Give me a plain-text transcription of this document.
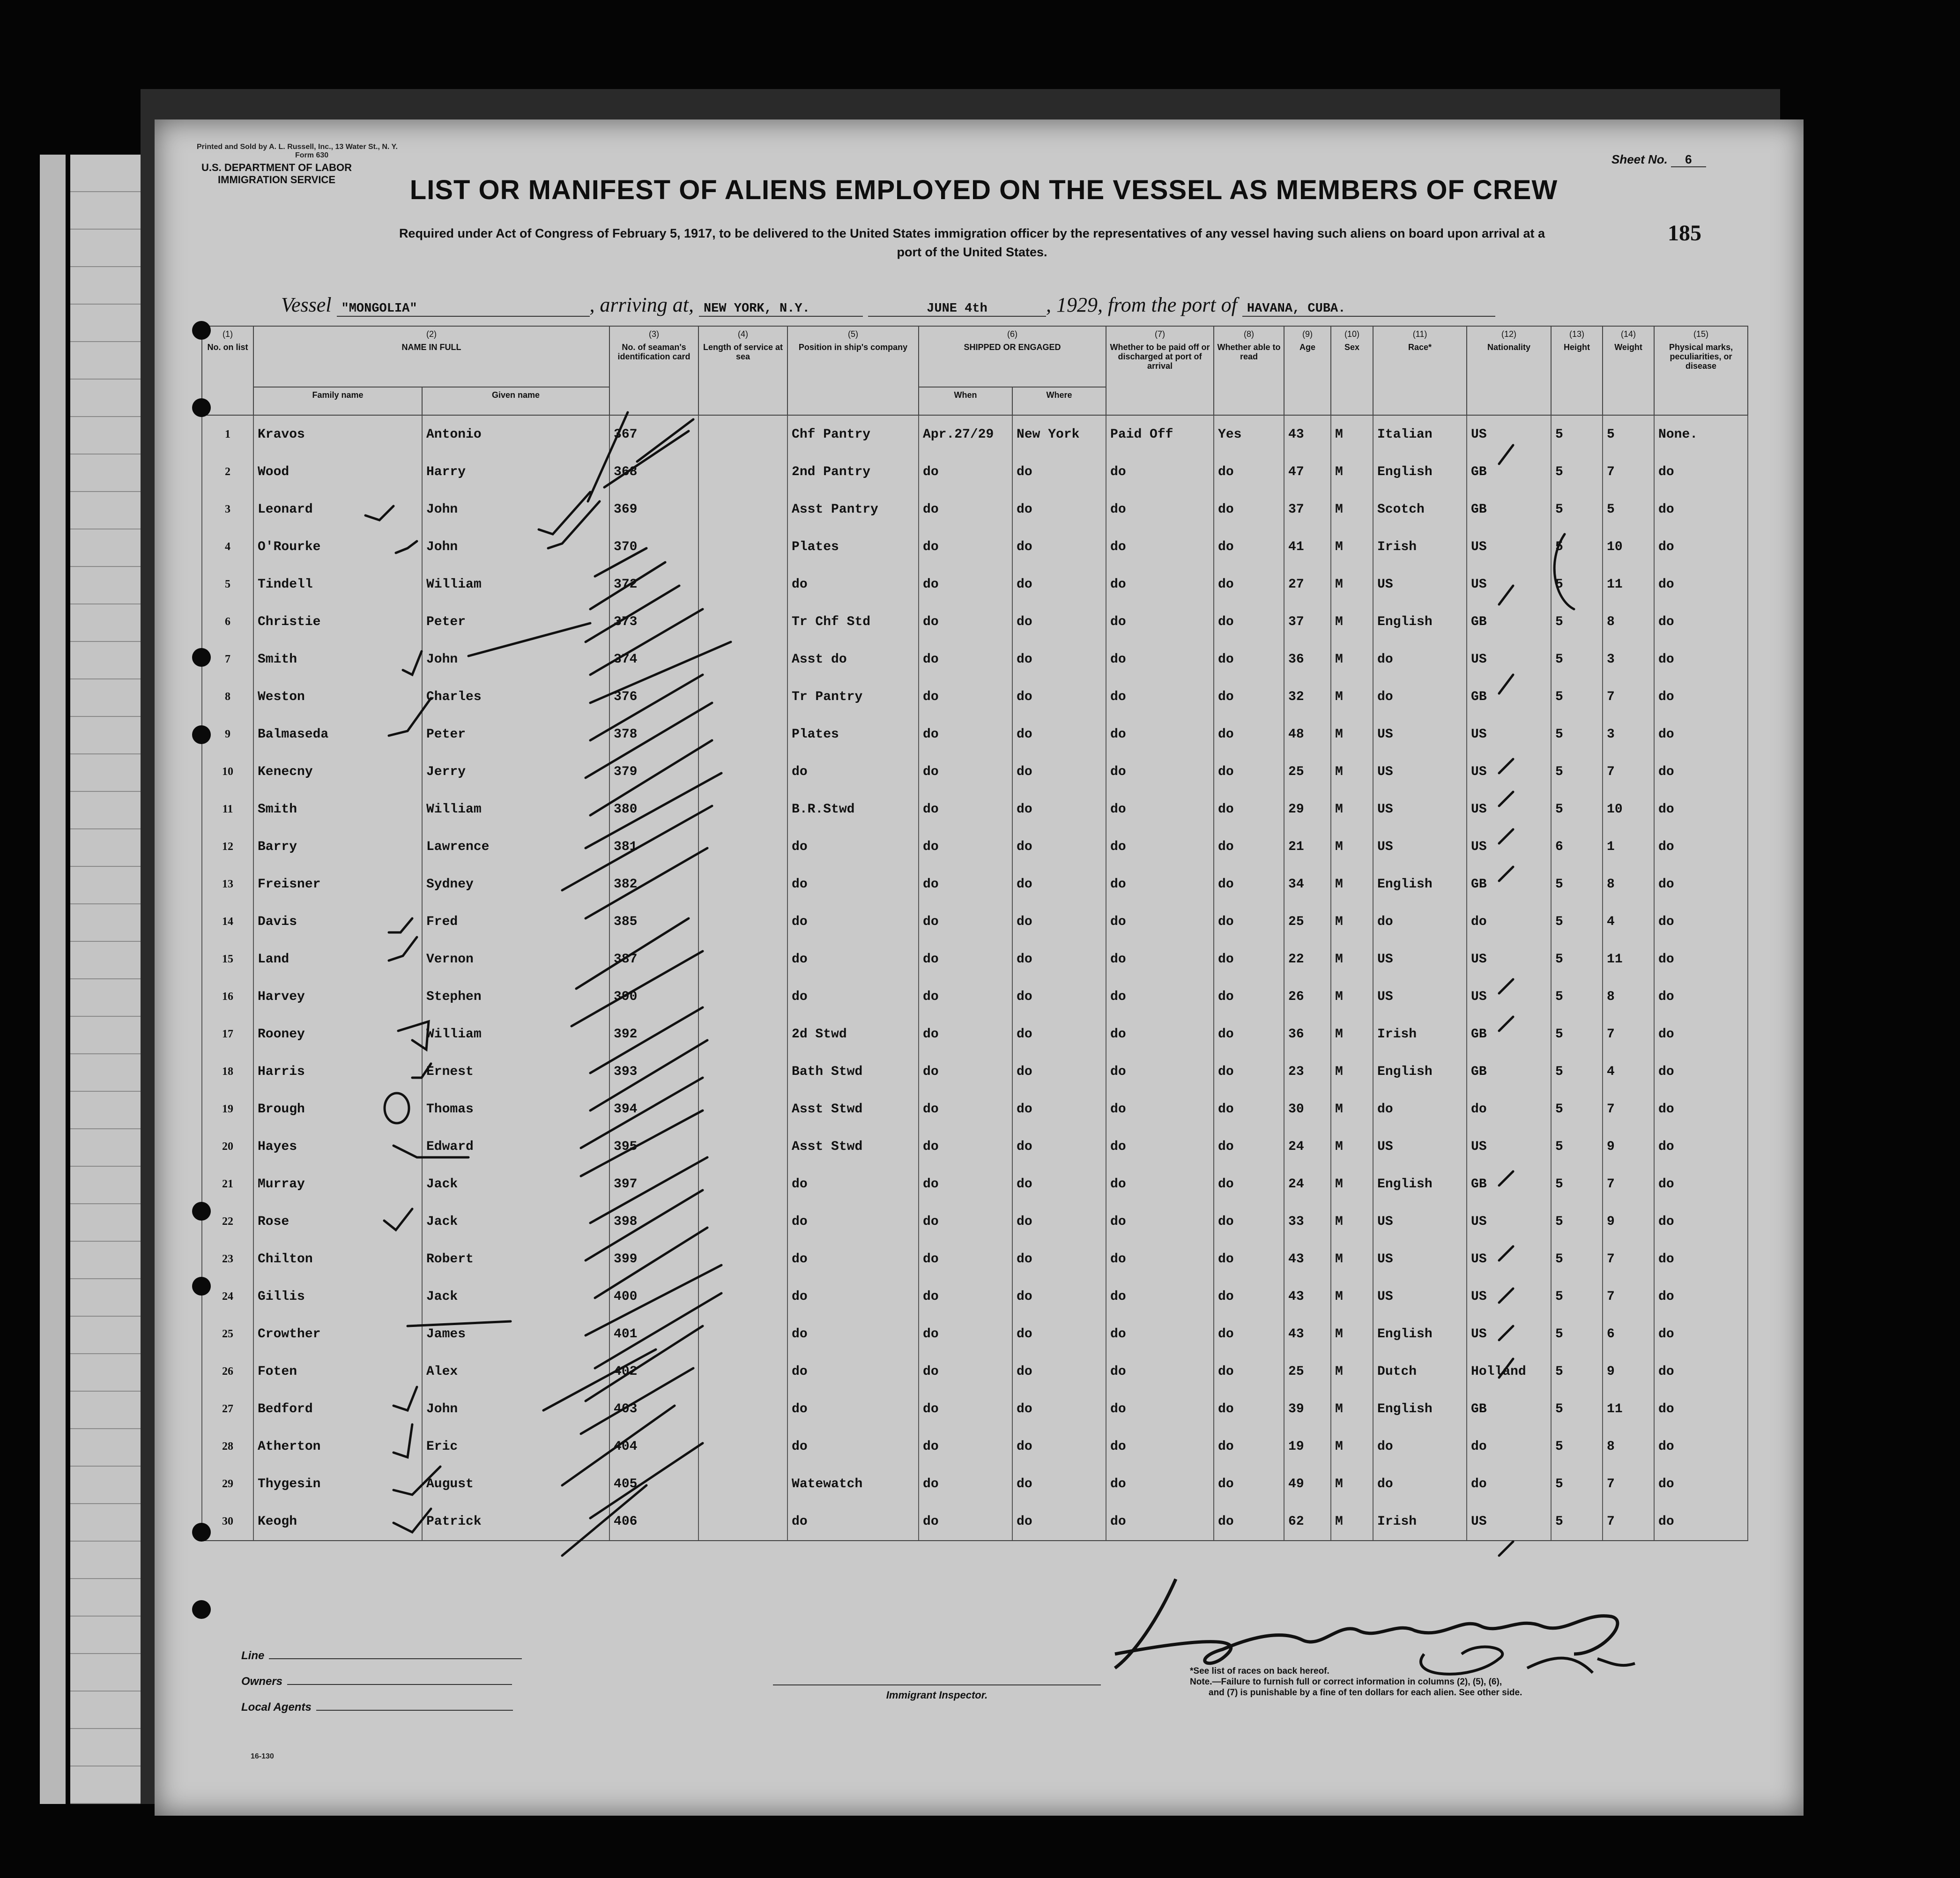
Printed and Sold by A. L. Russell, Inc., 13 Water St., N. Y.
Form 630
U.S. DEPARTMENT OF LABOR
IMMIGRATION SERVICE
Sheet No. 6
185
LIST OR MANIFEST OF ALIENS EMPLOYED ON THE VESSEL AS MEMBERS OF CREW
Required under Act of Congress of February 5, 1917, to be delivered to the United States immigration officer by the representatives of any vessel having such aliens on board upon arrival at a
port of the United States.
Vessel "MONGOLIA"	, arriving at, NEW YORK, N.Y.	JUNE 4th	, 1929, from the port of HAVANA, CUBA.
(1)
No. on list	(2)
NAME IN FULL		(3)
No. of seaman's identification card	(4)
Length of service at sea	(5)
Position in ship's company	(6)
SHIPPED OR ENGAGED		(7)
Whether to be paid off or discharged at port of arrival	(8)
Whether able to read	(9)
Age	(10)
Sex	(11)
Race*	(12)
Nationality	(13)
Height	(14)
Weight	(15)
Physical marks, peculiarities, or disease
	Family name	Given name				When	Where									
1	Kravos	Antonio	367		Chf Pantry	Apr.27/29	New York	Paid Off	Yes	43	M	Italian	US	5	5	None.
2	Wood	Harry	368		2nd Pantry	do	do	do	do	47	M	English	GB	5	7	do
3	Leonard	John	369		Asst Pantry	do	do	do	do	37	M	Scotch	GB	5	5	do
4	O'Rourke	John	370		Plates	do	do	do	do	41	M	Irish	US	5	10	do
5	Tindell	William	372		do	do	do	do	do	27	M	US	US	5	11	do
6	Christie	Peter	373		Tr Chf Std	do	do	do	do	37	M	English	GB	5	8	do
7	Smith	John	374		Asst do	do	do	do	do	36	M	do	US	5	3	do
8	Weston	Charles	376		Tr Pantry	do	do	do	do	32	M	do	GB	5	7	do
9	Balmaseda	Peter	378		Plates	do	do	do	do	48	M	US	US	5	3	do
10	Kenecny	Jerry	379		do	do	do	do	do	25	M	US	US	5	7	do
11	Smith	William	380		B.R.Stwd	do	do	do	do	29	M	US	US	5	10	do
12	Barry	Lawrence	381		do	do	do	do	do	21	M	US	US	6	1	do
13	Freisner	Sydney	382		do	do	do	do	do	34	M	English	GB	5	8	do
14	Davis	Fred	385		do	do	do	do	do	25	M	do	do	5	4	do
15	Land	Vernon	387		do	do	do	do	do	22	M	US	US	5	11	do
16	Harvey	Stephen	390		do	do	do	do	do	26	M	US	US	5	8	do
17	Rooney	William	392		2d Stwd	do	do	do	do	36	M	Irish	GB	5	7	do
18	Harris	Ernest	393		Bath Stwd	do	do	do	do	23	M	English	GB	5	4	do
19	Brough	Thomas	394		Asst Stwd	do	do	do	do	30	M	do	do	5	7	do
20	Hayes	Edward	395		Asst Stwd	do	do	do	do	24	M	US	US	5	9	do
21	Murray	Jack	397		do	do	do	do	do	24	M	English	GB	5	7	do
22	Rose	Jack	398		do	do	do	do	do	33	M	US	US	5	9	do
23	Chilton	Robert	399		do	do	do	do	do	43	M	US	US	5	7	do
24	Gillis	Jack	400		do	do	do	do	do	43	M	US	US	5	7	do
25	Crowther	James	401		do	do	do	do	do	43	M	English	US	5	6	do
26	Foten	Alex	402		do	do	do	do	do	25	M	Dutch	Holland	5	9	do
27	Bedford	John	403		do	do	do	do	do	39	M	English	GB	5	11	do
28	Atherton	Eric	404		do	do	do	do	do	19	M	do	do	5	8	do
29	Thygesin	August	405		Watewatch	do	do	do	do	49	M	do	do	5	7	do
30	Keogh	Patrick	406		do	do	do	do	do	62	M	Irish	US	5	7	do
Line
Owners
Local Agents
16-130
Immigrant Inspector.
*See list of races on back hereof.
Note.—Failure to furnish full or correct information in columns (2), (5), (6),
and (7) is punishable by a fine of ten dollars for each alien. See other side.
